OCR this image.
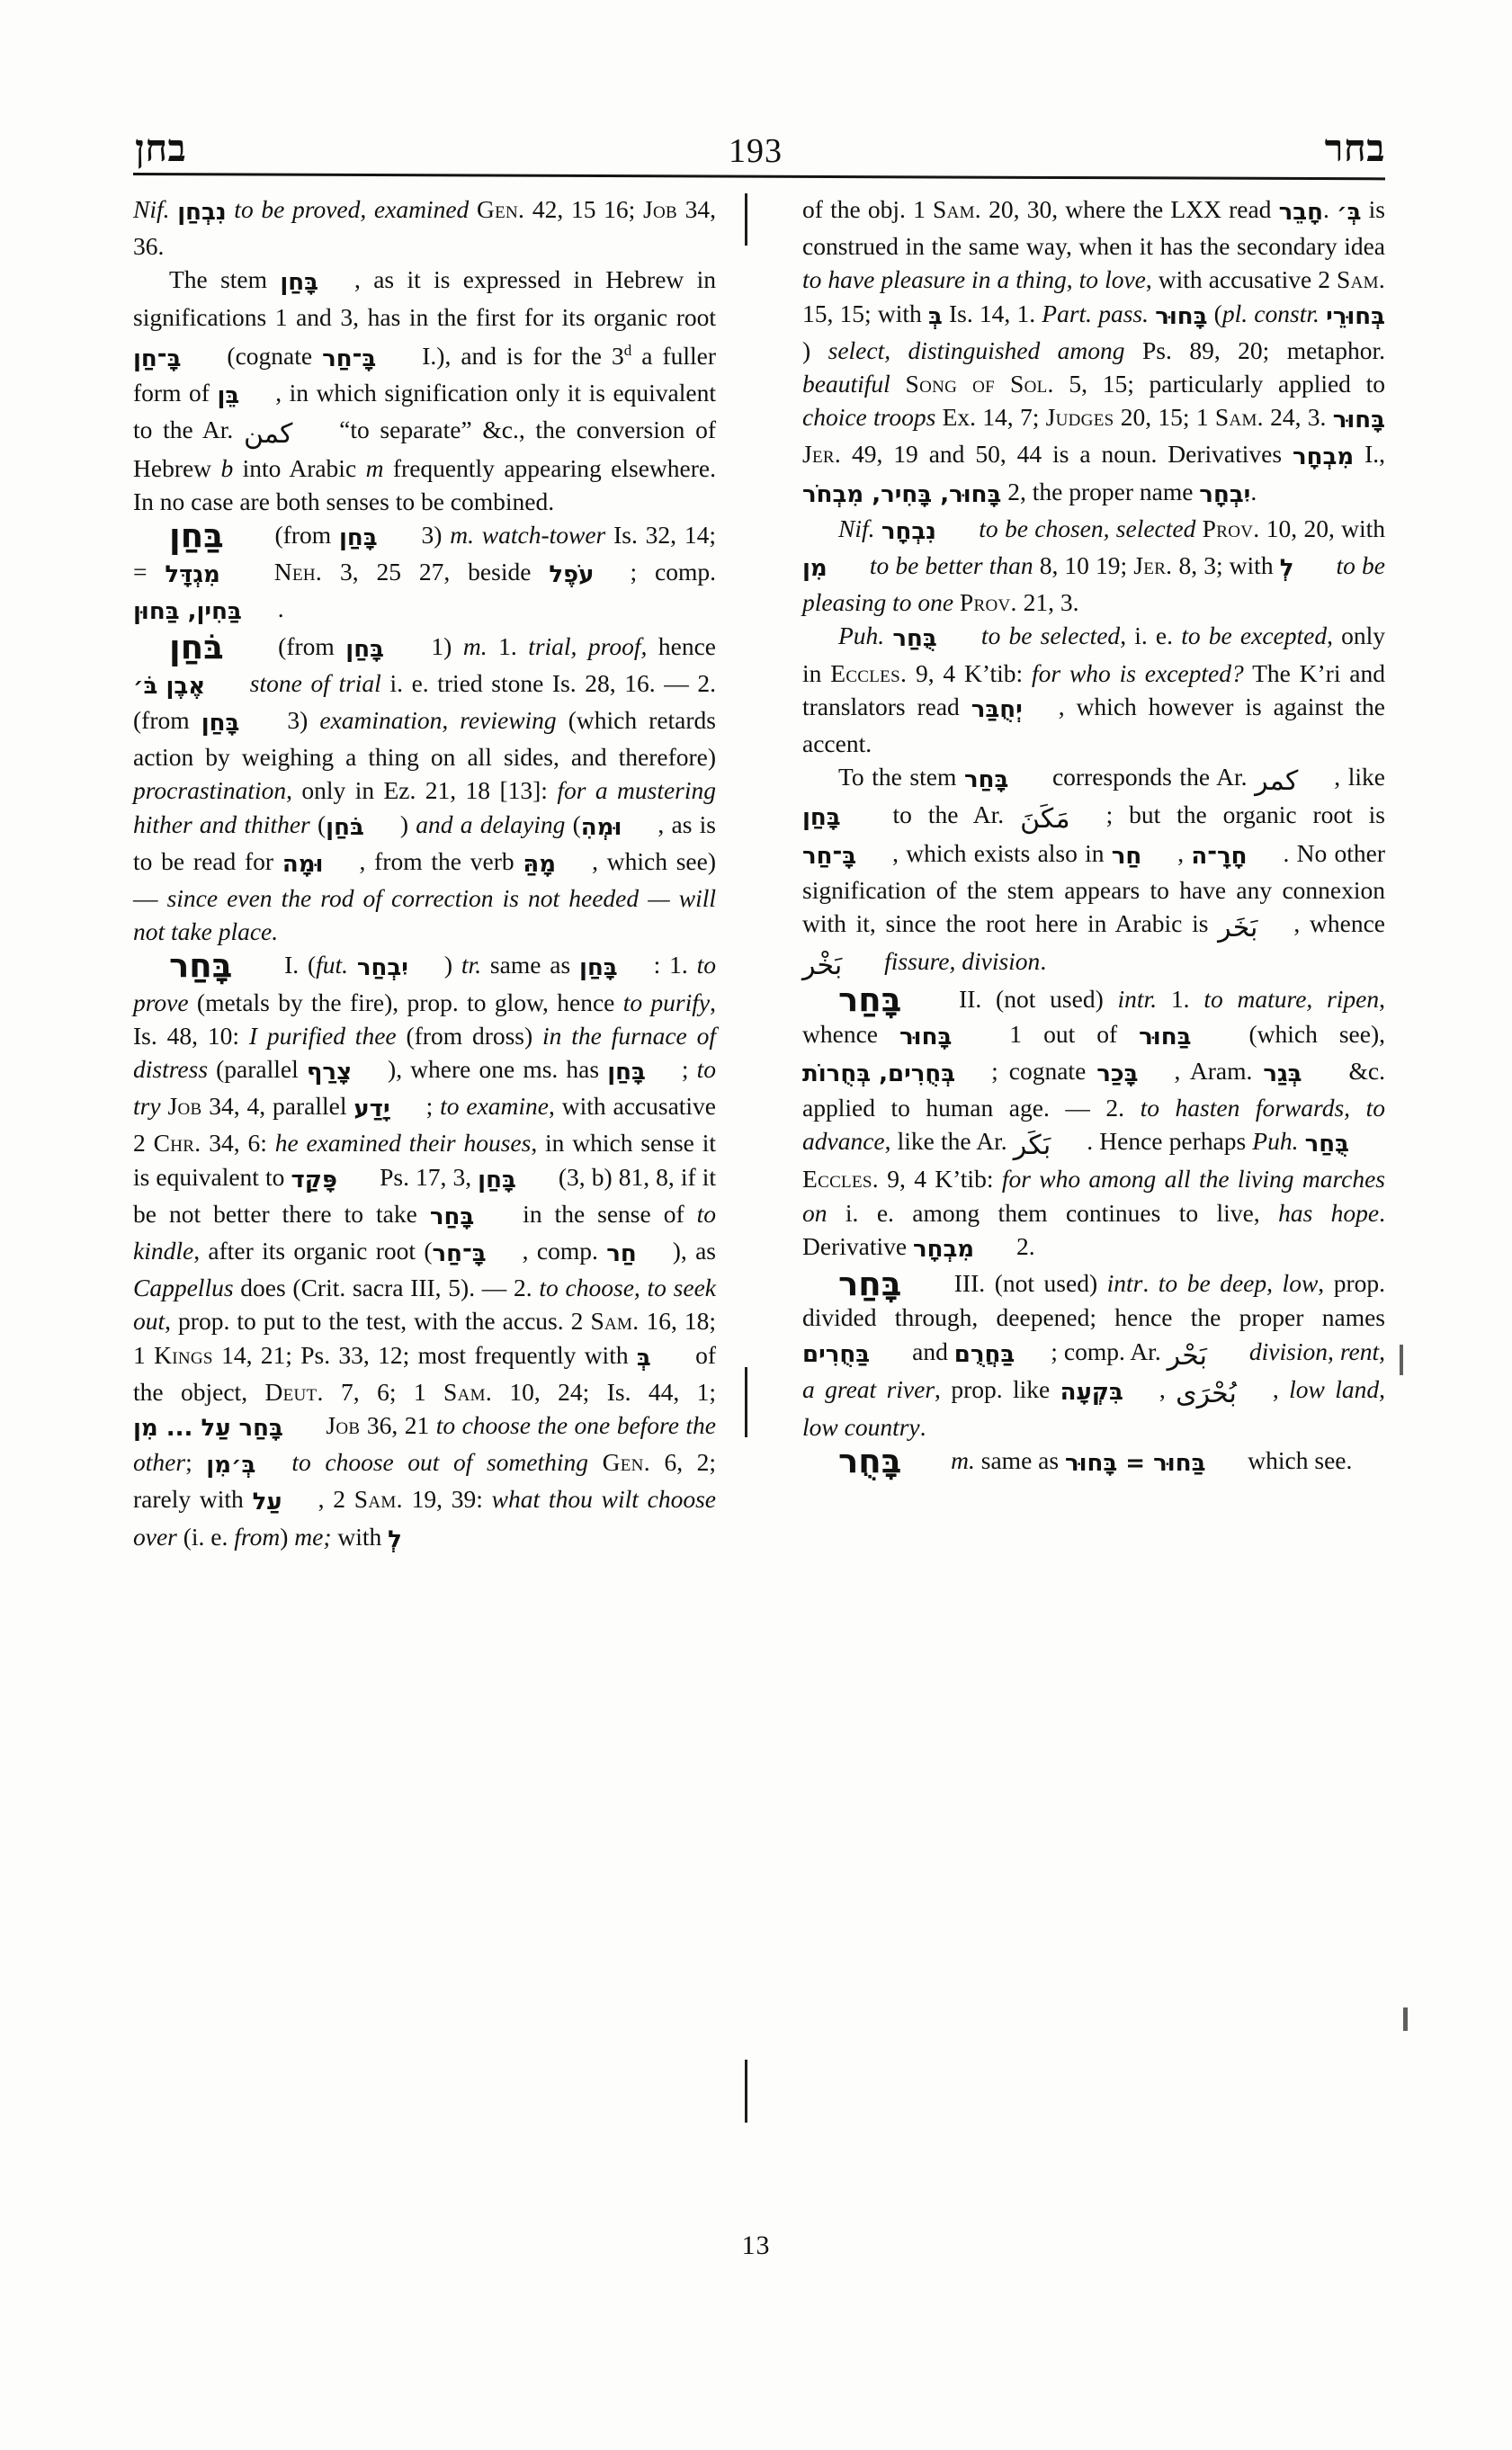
בחן	193	בחר

Nif. נִבְחַן to be proved, examined Gen. 42, 15 16; Job 34, 36.

The stem בָּחַן , as it is expressed in Hebrew in significations 1 and 3, has in the first for its organic root בָּ־חַן (cognate בָּ־חַר I.), and is for the 3$^d$ a fuller form of בֵּן , in which signification only it is equivalent to the Ar. كمن “to separate” &c., the conversion of Hebrew b into Arabic m frequently appearing elsewhere. In no case are both senses to be combined.

בַּחַן (from בָּחַן 3) m. watch-tower Is. 32, 14; = מִגְדָּל Neh. 3, 25 27, beside עֹפֶל ; comp. בַּחִין, בַּחוּן .

בֹּחַן (from בָּחַן 1) m. 1. trial, proof, hence אֶבֶן בֹּ׳ stone of trial i. e. tried stone Is. 28, 16. — 2. (from בָּחַן 3) examination, reviewing (which retards action by weighing a thing on all sides, and therefore) procrastination, only in Ez. 21, 18 [13]: for a mustering hither and thither (בֹּחַן ) and a delaying (וּמְהִ , as is to be read for וּמָה , from the verb מָהַּ , which see) — since even the rod of correction is not heeded — will not take place.

בָּחַר I. (fut. יִבְחַר ) tr. same as בָּחַן : 1. to prove (metals by the fire), prop. to glow, hence to purify, Is. 48, 10: I purified thee (from dross) in the furnace of distress (parallel צָרַף ), where one ms. has בָּחַן ; to try Job 34, 4, parallel יָדַע ; to examine, with accusative 2 Chr. 34, 6: he examined their houses, in which sense it is equivalent to פָּקַד Ps. 17, 3, בָּחַן (3, b) 81, 8, if it be not better there to take בָּחַר in the sense of to kindle, after its organic root (בָּ־חַר , comp. חַר ), as Cappellus does (Crit. sacra III, 5). — 2. to choose, to seek out, prop. to put to the test, with the accus. 2 Sam. 16, 18; 1 Kings 14, 21; Ps. 33, 12; most frequently with בְּ of the object, Deut. 7, 6; 1 Sam. 10, 24; Is. 44, 1; בָּחַר עַל ... מִן Job 36, 21 to choose the one before the other; בְּ׳מִן to choose out of something Gen. 6, 2; rarely with עַל , 2 Sam. 19, 39: what thou wilt choose over (i. e. from) me; with לְ

of the obj. 1 Sam. 20, 30, where the LXX read חָבֵר. בְּ׳ is construed in the same way, when it has the secondary idea to have pleasure in a thing, to love, with accusative 2 Sam. 15, 15; with בְּ Is. 14, 1. Part. pass. בָּחוּר (pl. constr. בְּחוּרֵי) select, distinguished among Ps. 89, 20; metaphor. beautiful Song of Sol. 5, 15; particularly applied to choice troops Ex. 14, 7; Judges 20, 15; 1 Sam. 24, 3. בָּחוּר Jer. 49, 19 and 50, 44 is a noun. Derivatives מִבְחָר I., בָּחוּר, בָּחִיר, מִבְחֹר 2, the proper name יִבְחָר.

Nif. נִבְחָר to be chosen, selected Prov. 10, 20, with מִן to be better than 8, 10 19; Jer. 8, 3; with לְ to be pleasing to one Prov. 21, 3.

Puh. בֻּחַר to be selected, i. e. to be excepted, only in Eccles. 9, 4 K’tib: for who is excepted? The K’ri and translators read יְחֻבַּר , which however is against the accent.

To the stem בָּחַר corresponds the Ar. كمر , like בָּחַן to the Ar. مَكَنَ ; but the organic root is בָּ־חַר , which exists also in חַר , חָרָ־ה . No other signification of the stem appears to have any connexion with it, since the root here in Arabic is بَخَر , whence بَخْر fissure, division.

בָּחַר II. (not used) intr. 1. to mature, ripen, whence בָּחוּר 1 out of בַּחוּר (which see), בְּחֻרִים, בְּחֻרוֹת ; cognate בָּכַר , Aram. בְּגַר &c. applied to human age. — 2. to hasten forwards, to advance, like the Ar. بَكَر . Hence perhaps Puh. בֻּחַר Eccles. 9, 4 K’tib: for who among all the living marches on i. e. among them continues to live, has hope. Derivative מִבְחָר 2.

בָּחַר III. (not used) intr. to be deep, low, prop. divided through, deepened; hence the proper names בַּחֻרִים and בַּחֲרֻם ; comp. Ar. بَحْر division, rent, a great river, prop. like בִּקְעָה , بُحْرَى , low land, low country.

בָּחֻר m. same as בַּחוּר = בָּחוּר which see.

13
